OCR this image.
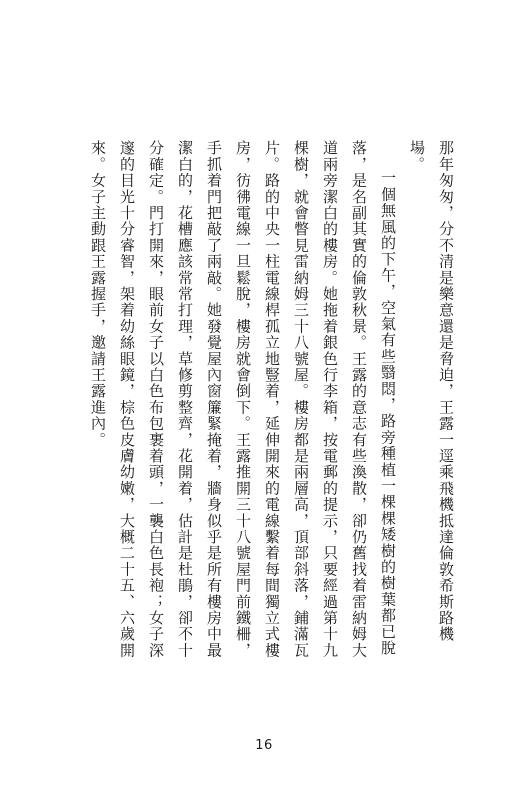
那年匆匆，分不清是樂意還是脅迫，王露一逕乘飛機抵達倫敦希斯路機場。

一個無風的下午，空氣有些翳悶，路旁種植一棵棵矮樹的樹葉都已脫落，是名副其實的倫敦秋景。王露的意志有些渙散，卻仍舊找着雷納姆大道兩旁潔白的樓房。她拖着銀色行李箱，按電郵的提示，只要經過第十九棵樹，就會瞥見雷納姆三十八號屋。樓房都是兩層高，頂部斜落，鋪滿瓦片。路的中央一柱電線桿孤立地豎着，延伸開來的電線繫着每間獨立式樓房，彷彿電線一旦鬆脫，樓房就會倒下。王露推開三十八號屋門前鐵柵，手抓着門把敲了兩敲。她發覺屋內窗簾緊掩着，牆身似乎是所有樓房中最潔白的，花槽應該常常打理，草修剪整齊，花開着，估計是杜鵑，卻不十分確定。門打開來，眼前女子以白色布包裹着頭，一襲白色長袍；女子深邃的目光十分睿智，架着幼絲眼鏡，棕色皮膚幼嫩，大概二十五、六歲開來。女子主動跟王露握手，邀請王露進內。

16
